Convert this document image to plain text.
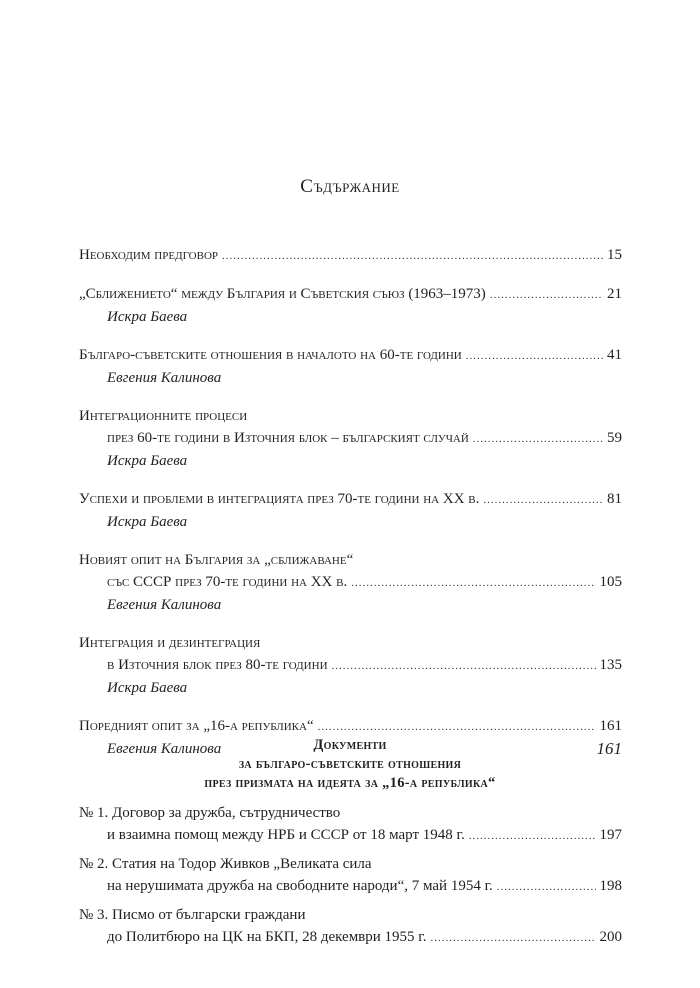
Съдържание
Необходим предговор .....	15
„Сближението“ между България и Съветския съюз (1963–1973) .....	21
Искра Баева
Българо-съветските отношения в началото на 60-те години .....	41
Евгения Калинова
Интеграционните процеси
през 60-те години в Източния блок – българският случай .....	59
Искра Баева
Успехи и проблеми в интеграцията през 70-те години на XX в. .....	81
Искра Баева
Новият опит на България за „сближаване“
със СССР през 70-те години на XX в. .....	105
Евгения Калинова
Интеграция и дезинтеграция
в Източния блок през 80-те години .....	135
Искра Баева
Поредният опит за „16-а република“ .....	161
Евгения Калинова	161
Документи
за българо-съветските отношения
през призмата на идеята за „16-а република“
№ 1. Договор за дружба, сътрудничество
и взаимна помощ между НРБ и СССР от 18 март 1948 г. .....	197
№ 2. Статия на Тодор Живков „Великата сила
на нерушимата дружба на свободните народи“, 7 май 1954 г. .....	198
№ 3. Писмо от български граждани
до Политбюро на ЦК на БКП, 28 декември 1955 г. .....	200
